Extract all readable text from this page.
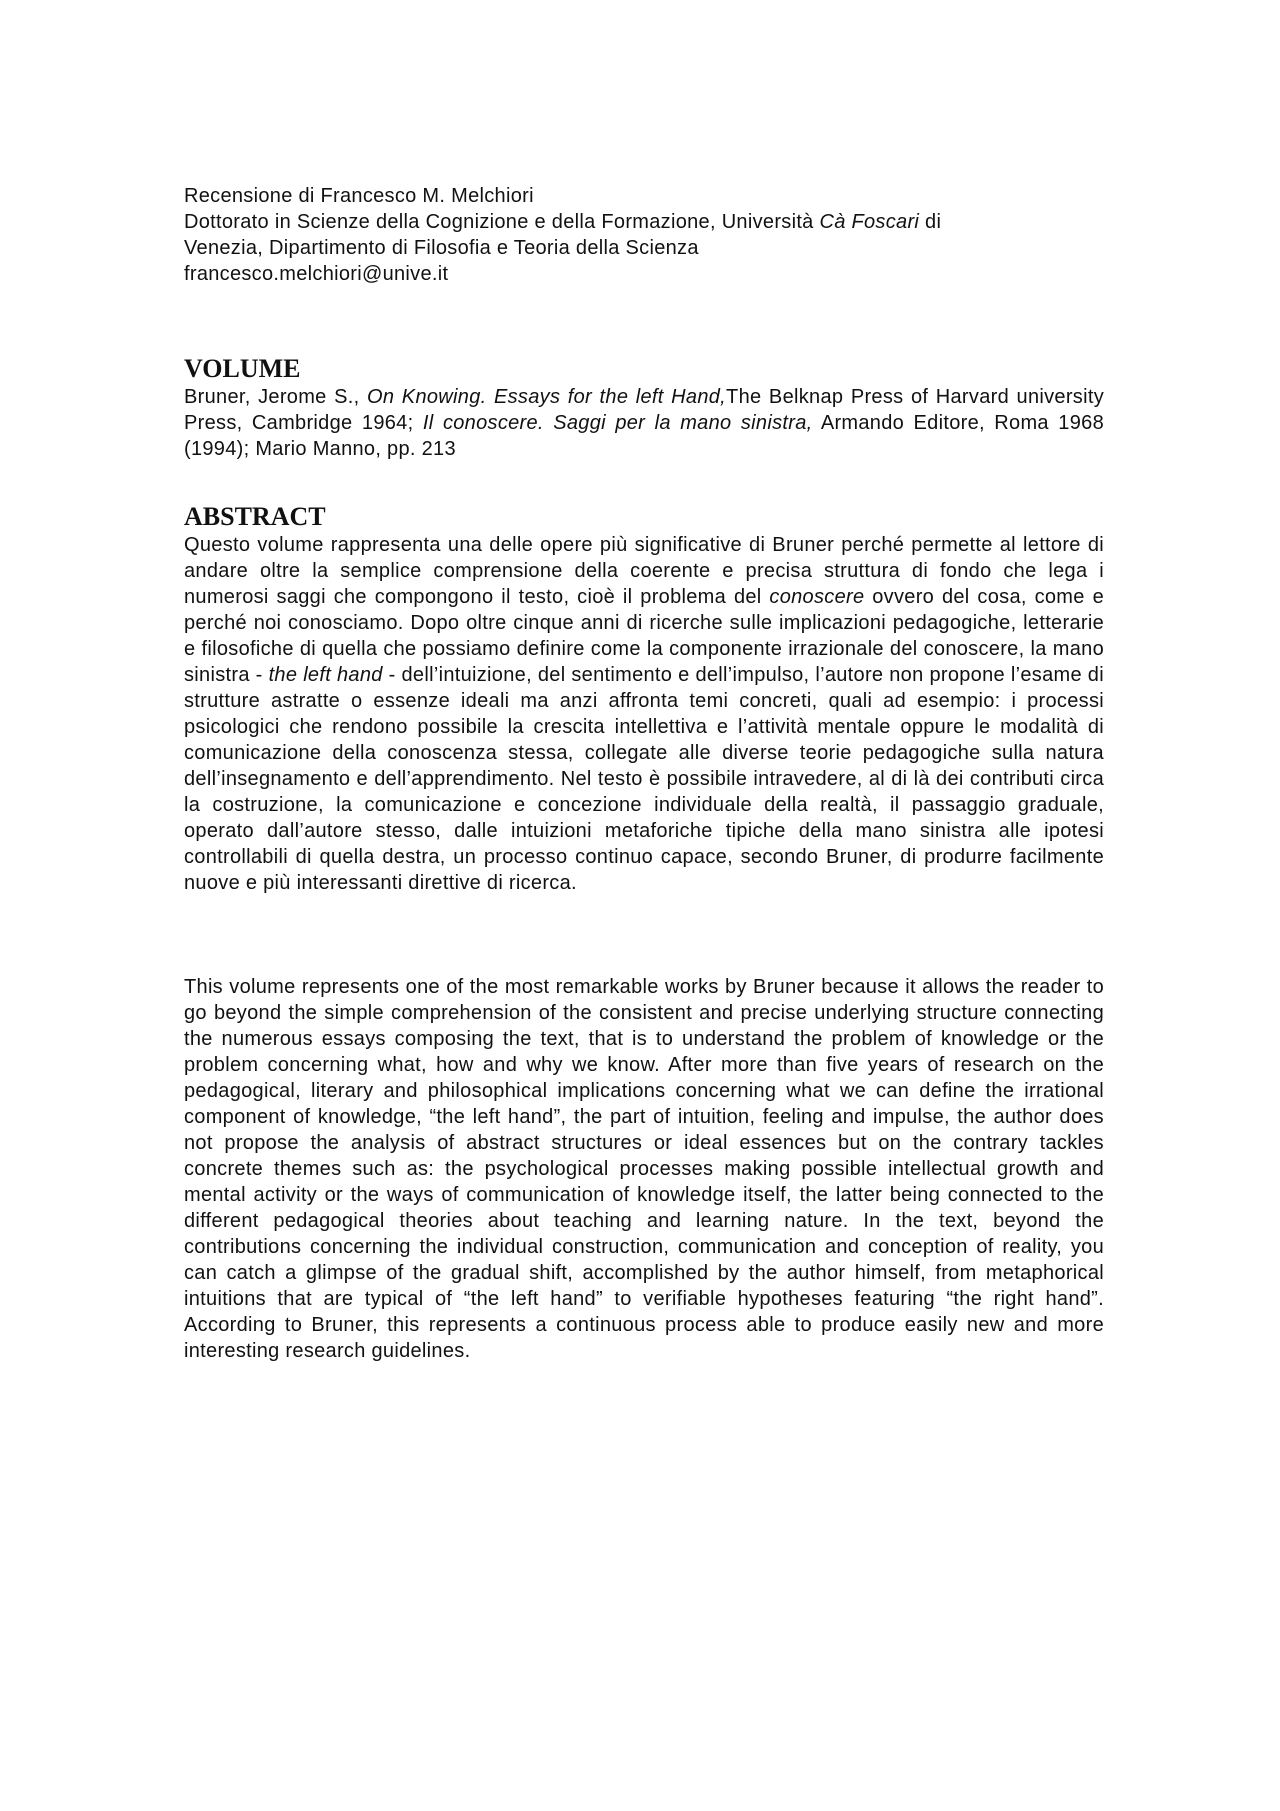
Recensione di Francesco M. Melchiori

Dottorato in Scienze della Cognizione e della Formazione, Università Cà Foscari di
Venezia, Dipartimento di Filosofia e Teoria della Scienza

francesco.melchiori@unive.it

VOLUME

Bruner, Jerome S., On Knowing. Essays for the left Hand,The Belknap Press of Harvard university Press, Cambridge 1964; Il conoscere. Saggi per la mano sinistra, Armando Editore, Roma 1968 (1994); Mario Manno, pp. 213

ABSTRACT

Questo volume rappresenta una delle opere più significative di Bruner perché permette al lettore di andare oltre la semplice comprensione della coerente e precisa struttura di fondo che lega i numerosi saggi che compongono il testo, cioè il problema del conoscere ovvero del cosa, come e perché noi conosciamo. Dopo oltre cinque anni di ricerche sulle implicazioni pedagogiche, letterarie e filosofiche di quella che possiamo definire come la componente irrazionale del conoscere, la mano sinistra - the left hand - dell’intuizione, del sentimento e dell’impulso, l’autore non propone l’esame di strutture astratte o essenze ideali ma anzi affronta temi concreti, quali ad esempio: i processi psicologici che rendono possibile la crescita intellettiva e l’attività mentale oppure le modalità di comunicazione della conoscenza stessa, collegate alle diverse teorie pedagogiche sulla natura dell’insegnamento e dell’apprendimento. Nel testo è possibile intravedere, al di là dei contributi circa la costruzione, la comunicazione e concezione individuale della realtà, il passaggio graduale, operato dall’autore stesso, dalle intuizioni metaforiche tipiche della mano sinistra alle ipotesi controllabili di quella destra, un processo continuo capace, secondo Bruner, di produrre facilmente nuove e più interessanti direttive di ricerca.

This volume represents one of the most remarkable works by Bruner because it allows the reader to go beyond the simple comprehension of the consistent and precise underlying structure connecting the numerous essays composing the text, that is to understand the problem of knowledge or the problem concerning what, how and why we know. After more than five years of research on the pedagogical, literary and philosophical implications concerning what we can define the irrational component of knowledge, “the left hand”, the part of intuition, feeling and impulse, the author does not propose the analysis of abstract structures or ideal essences but on the contrary tackles concrete themes such as: the psychological processes making possible intellectual growth and mental activity or the ways of communication of knowledge itself, the latter being connected to the different pedagogical theories about teaching and learning nature. In the text, beyond the contributions concerning the individual construction, communication and conception of reality, you can catch a glimpse of the gradual shift, accomplished by the author himself, from metaphorical intuitions that are typical of “the left hand” to verifiable hypotheses featuring “the right hand”. According to Bruner, this represents a continuous process able to produce easily new and more interesting research guidelines.
